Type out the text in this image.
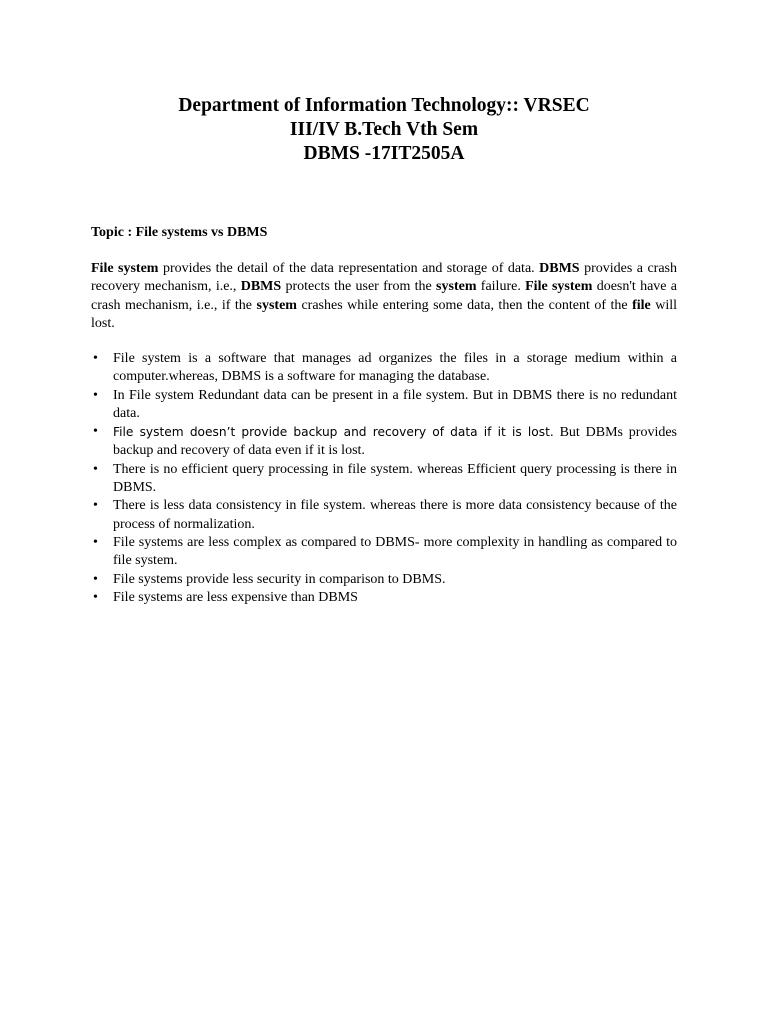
Department of Information Technology:: VRSEC
III/IV B.Tech Vth Sem
DBMS -17IT2505A
Topic : File systems vs DBMS

File system provides the detail of the data representation and storage of data. DBMS provides a crash recovery mechanism, i.e., DBMS protects the user from the system failure. File system doesn't have a crash mechanism, i.e., if the system crashes while entering some data, then the content of the file will lost.

• File system is a software that manages ad organizes the files in a storage medium within a computer.whereas, DBMS is a software for managing the database.
• In File system Redundant data can be present in a file system. But in DBMS there is no redundant data.
• File system doesn’t provide backup and recovery of data if it is lost. But DBMs provides backup and recovery of data even if it is lost.
• There is no efficient query processing in file system. whereas Efficient query processing is there in DBMS.
• There is less data consistency in file system. whereas there is more data consistency because of the process of normalization.
• File systems are less complex as compared to DBMS- more complexity in handling as compared to file system.
• File systems provide less security in comparison to DBMS.
• File systems are less expensive than DBMS
